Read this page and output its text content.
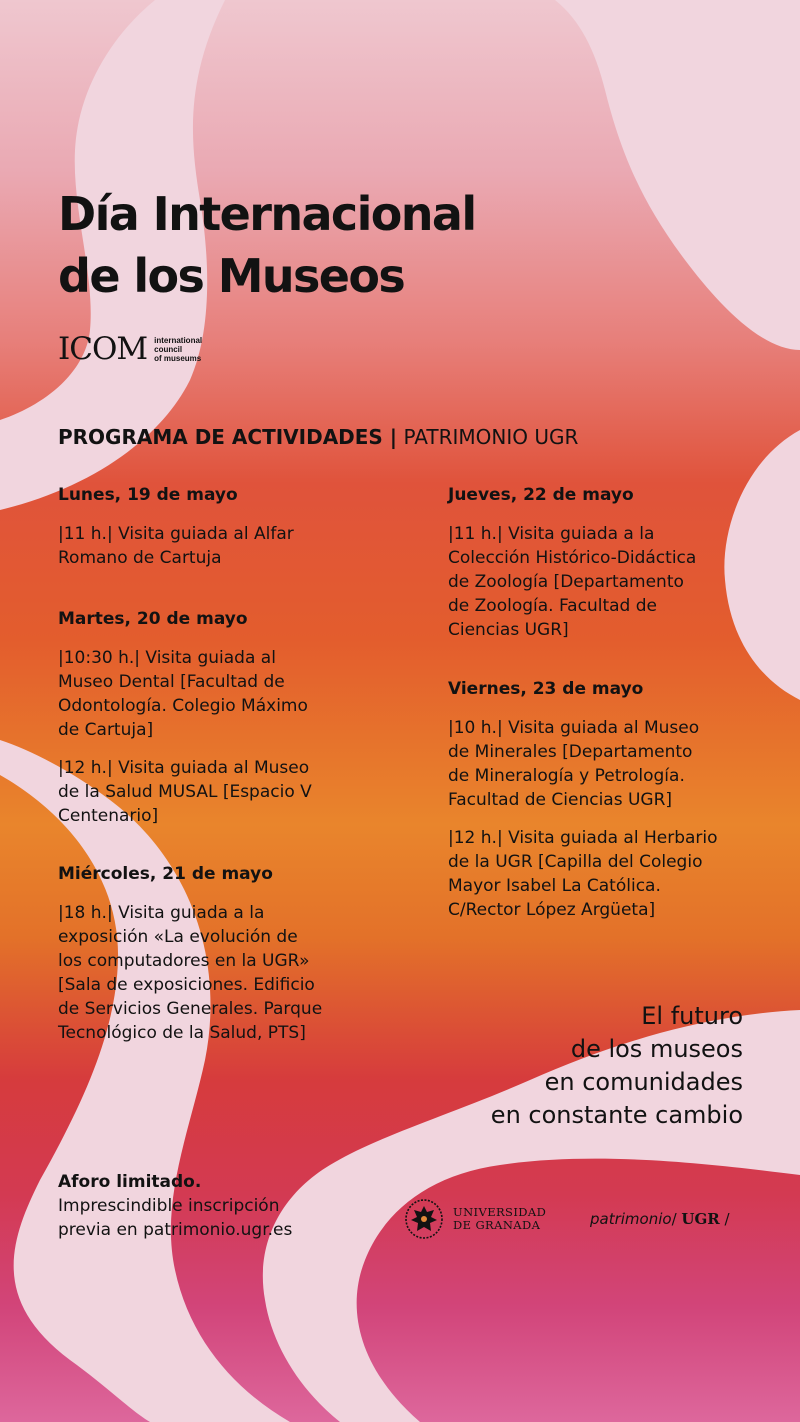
Día Internacional
de los Museos
ICOM international
council
of museums
PROGRAMA DE ACTIVIDADES | PATRIMONIO UGR
Lunes, 19 de mayo
|11 h.| Visita guiada al Alfar
Romano de Cartuja
Martes, 20 de mayo
|10:30 h.| Visita guiada al
Museo Dental [Facultad de
Odontología. Colegio Máximo
de Cartuja]
|12 h.| Visita guiada al Museo
de la Salud MUSAL [Espacio V
Centenario]
Miércoles, 21 de mayo
|18 h.| Visita guiada a la
exposición «La evolución de
los computadores en la UGR»
[Sala de exposiciones. Edificio
de Servicios Generales. Parque
Tecnológico de la Salud, PTS]
Jueves, 22 de mayo
|11 h.| Visita guiada a la
Colección Histórico-Didáctica
de Zoología [Departamento
de Zoología. Facultad de
Ciencias UGR]
Viernes, 23 de mayo
|10 h.| Visita guiada al Museo
de Minerales [Departamento
de Mineralogía y Petrología.
Facultad de Ciencias UGR]
|12 h.| Visita guiada al Herbario
de la UGR [Capilla del Colegio
Mayor Isabel La Católica.
C/Rector López Argüeta]
El futuro
de los museos
en comunidades
en constante cambio
Aforo limitado.
Imprescindible inscripción
previa en patrimonio.ugr.es
UNIVERSIDAD
DE GRANADA	patrimonio/ UGR /
